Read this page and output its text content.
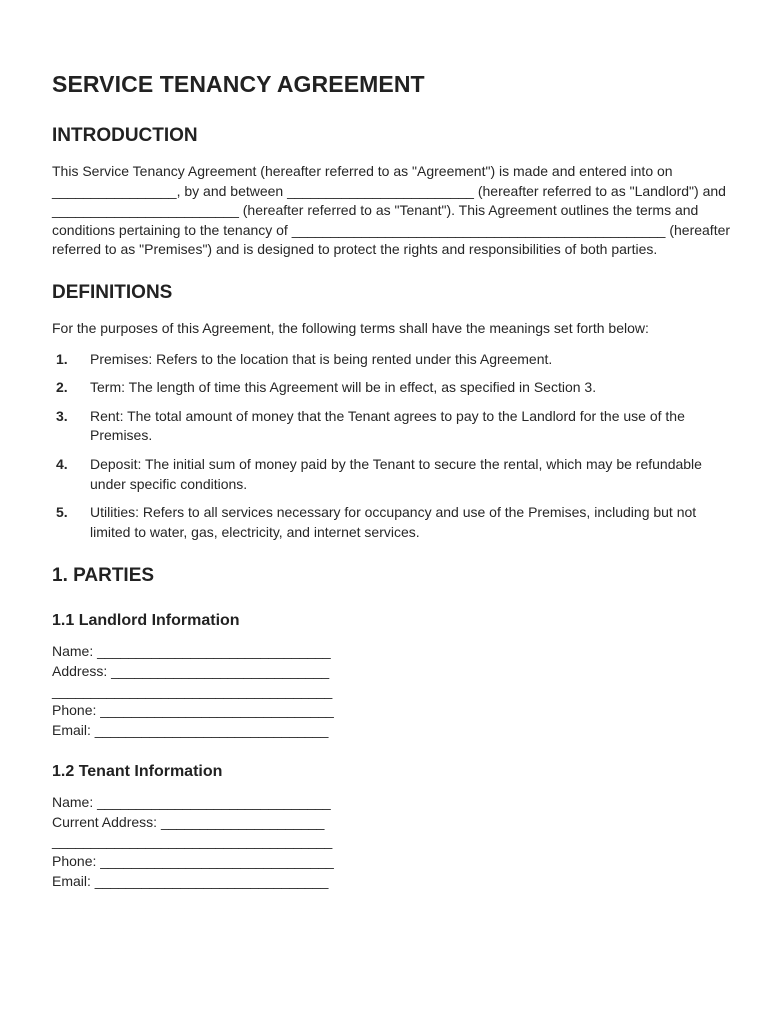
SERVICE TENANCY AGREEMENT
INTRODUCTION

This Service Tenancy Agreement (hereafter referred to as "Agreement") is made and entered into on ________________, by and between ________________________ (hereafter referred to as "Landlord") and ________________________ (hereafter referred to as "Tenant"). This Agreement outlines the terms and conditions pertaining to the tenancy of ________________________________________________ (hereafter referred to as "Premises") and is designed to protect the rights and responsibilities of both parties.

DEFINITIONS

For the purposes of this Agreement, the following terms shall have the meanings set forth below:

1.	Premises: Refers to the location that is being rented under this Agreement.
2.	Term: The length of time this Agreement will be in effect, as specified in Section 3.
3.	Rent: The total amount of money that the Tenant agrees to pay to the Landlord for the use of the Premises.
4.	Deposit: The initial sum of money paid by the Tenant to secure the rental, which may be refundable under specific conditions.
5.	Utilities: Refers to all services necessary for occupancy and use of the Premises, including but not limited to water, gas, electricity, and internet services.
1. PARTIES
1.1 Landlord Information

Name: ______________________________

Address: ____________________________

____________________________________

Phone: ______________________________

Email: ______________________________

1.2 Tenant Information

Name: ______________________________

Current Address: _____________________

____________________________________

Phone: ______________________________

Email: ______________________________
